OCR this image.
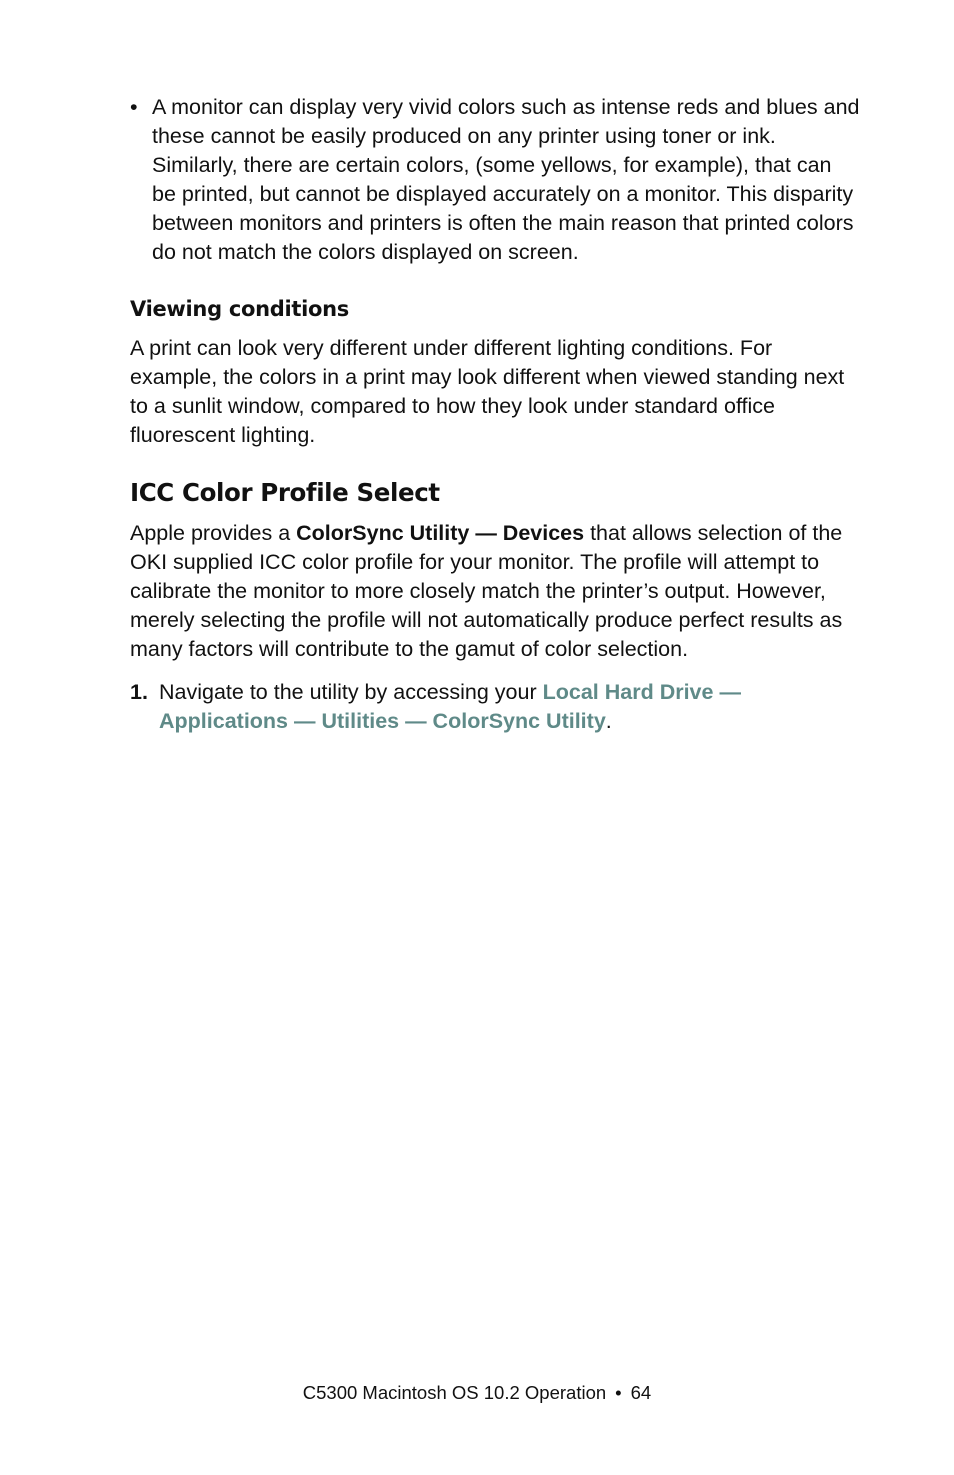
• A monitor can display very vivid colors such as intense reds and blues and these cannot be easily produced on any printer using toner or ink. Similarly, there are certain colors, (some yellows, for example), that can be printed, but cannot be displayed accurately on a monitor. This disparity between monitors and printers is often the main reason that printed colors do not match the colors displayed on screen.
Viewing conditions

A print can look very different under different lighting conditions. For example, the colors in a print may look different when viewed standing next to a sunlit window, compared to how they look under standard office fluorescent lighting.

ICC Color Profile Select

Apple provides a ColorSync Utility — Devices that allows selection of the OKI supplied ICC color profile for your monitor. The profile will attempt to calibrate the monitor to more closely match the printer’s output. However, merely selecting the profile will not automatically produce perfect results as many factors will contribute to the gamut of color selection.

1. Navigate to the utility by accessing your Local Hard Drive — Applications — Utilities — ColorSync Utility.
C5300 Macintosh OS 10.2 Operation • 64
